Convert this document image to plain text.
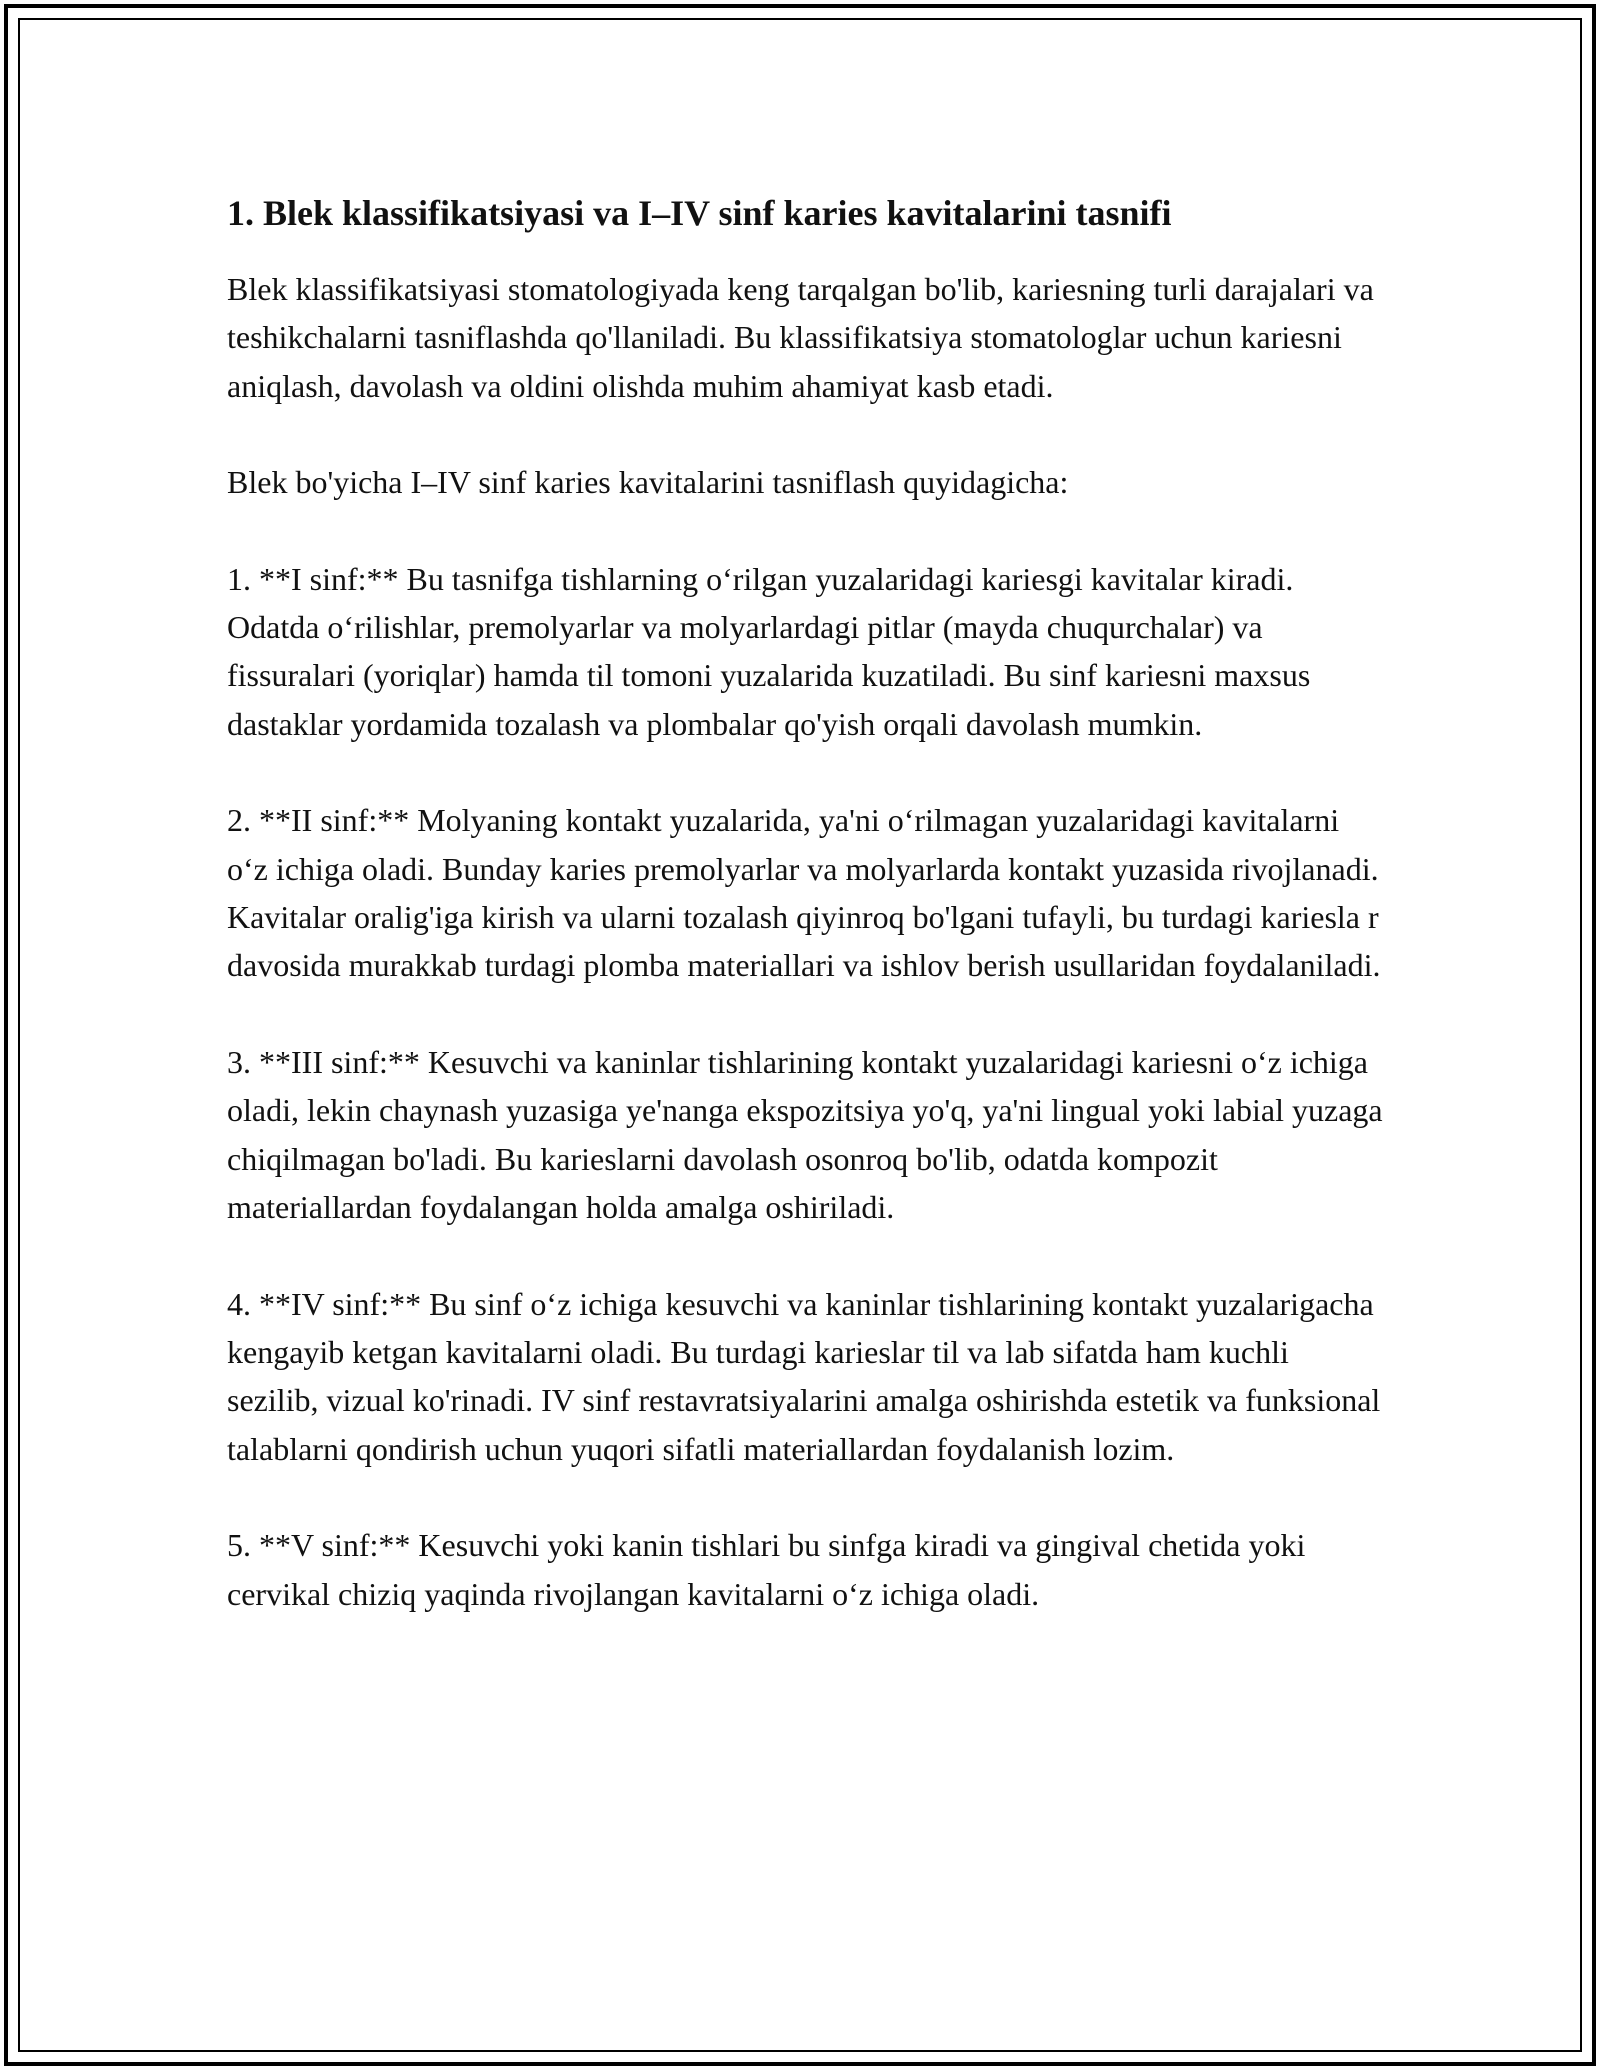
1. Blek klassifikatsiyasi va I–IV sinf karies kavitalarini tasnifi

Blek klassifikatsiyasi stomatologiyada keng tarqalgan bo'lib, kariesning turli darajalari va teshikchalarni tasniflashda qo'llaniladi. Bu klassifikatsiya stomatologlar uchun kariesni aniqlash, davolash va oldini olishda muhim ahamiyat kasb etadi.

Blek bo'yicha I–IV sinf karies kavitalarini tasniflash quyidagicha:

1. **I sinf:** Bu tasnifga tishlarning o‘rilgan yuzalaridagi kariesgi kavitalar kiradi. Odatda o‘rilishlar, premolyarlar va molyarlardagi pitlar (mayda chuqurchalar) va fissuralari (yoriqlar) hamda til tomoni yuzalarida kuzatiladi. Bu sinf kariesni maxsus dastaklar yordamida tozalash va plombalar qo'yish orqali davolash mumkin.

2. **II sinf:** Molyaning kontakt yuzalarida, ya'ni o‘rilmagan yuzalaridagi kavitalarni o‘z ichiga oladi. Bunday karies premolyarlar va molyarlarda kontakt yuzasida rivojlanadi. Kavitalar oralig'iga kirish va ularni tozalash qiyinroq bo'lgani tufayli, bu turdagi kariesla r davosida murakkab turdagi plomba materiallari va ishlov berish usullaridan foydalaniladi.

3. **III sinf:** Kesuvchi va kaninlar tishlarining kontakt yuzalaridagi kariesni o‘z ichiga oladi, lekin chaynash yuzasiga ye'nanga ekspozitsiya yo'q, ya'ni lingual yoki labial yuzaga chiqilmagan bo'ladi. Bu karieslarni davolash osonroq bo'lib, odatda kompozit materiallardan foydalangan holda amalga oshiriladi.

4. **IV sinf:** Bu sinf o‘z ichiga kesuvchi va kaninlar tishlarining kontakt yuzalarigacha kengayib ketgan kavitalarni oladi. Bu turdagi karieslar til va lab sifatda ham kuchli sezilib, vizual ko'rinadi. IV sinf restavratsiyalarini amalga oshirishda estetik va funksional talablarni qondirish uchun yuqori sifatli materiallardan foydalanish lozim.

5. **V sinf:** Kesuvchi yoki kanin tishlari bu sinfga kiradi va gingival chetida yoki cervikal chiziq yaqinda rivojlangan kavitalarni o‘z ichiga oladi.
